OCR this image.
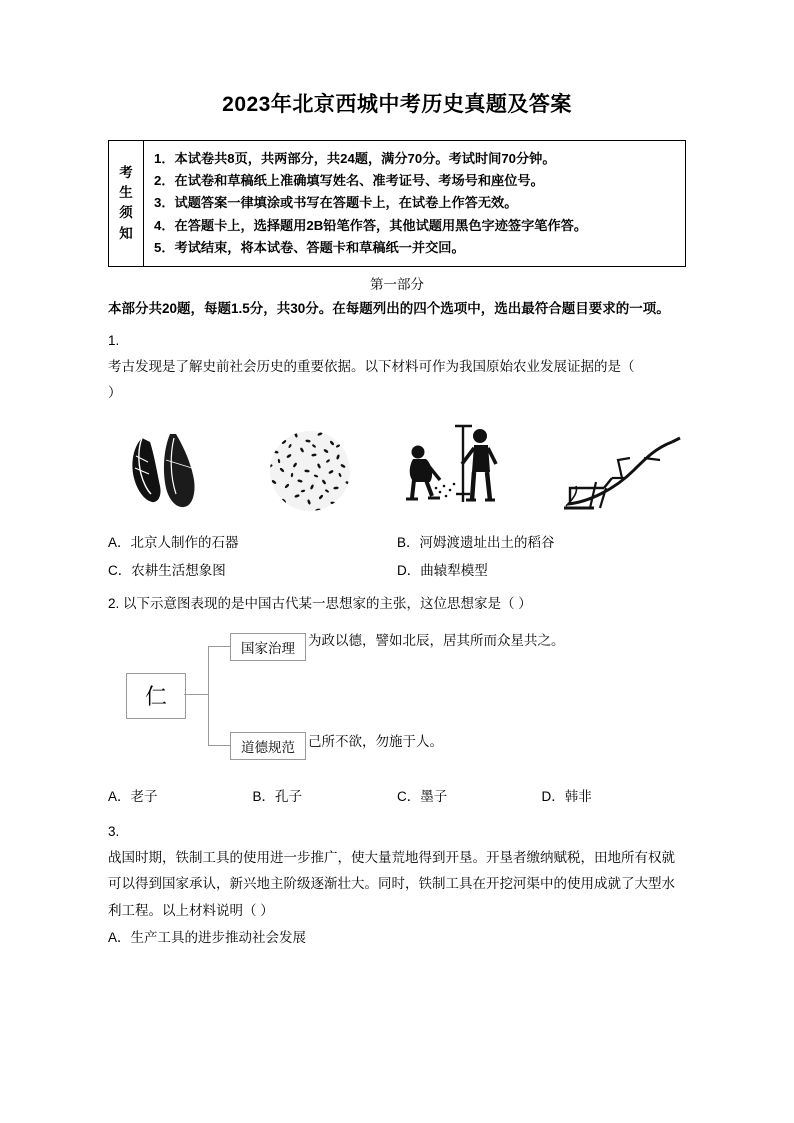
2023年北京西城中考历史真题及答案
考
生
须
知
1．本试卷共8页，共两部分，共24题，满分70分。考试时间70分钟。
2．在试卷和草稿纸上准确填写姓名、准考证号、考场号和座位号。
3．试题答案一律填涂或书写在答题卡上，在试卷上作答无效。
4．在答题卡上，选择题用2B铅笔作答，其他试题用黑色字迹签字笔作答。
5．考试结束，将本试卷、答题卡和草稿纸一并交回。
第一部分
本部分共20题，每题1.5分，共30分。在每题列出的四个选项中，选出最符合题目要求的一项。
1.
考古发现是了解史前社会历史的重要依据。以下材料可作为我国原始农业发展证据的是（
）
A．北京人制作的石器	B．河姆渡遗址出土的稻谷
C．农耕生活想象图	D．曲辕犁模型
2. 以下示意图表现的是中国古代某一思想家的主张，这位思想家是（ ）
仁
国家治理
道德规范
为政以德，譬如北辰，居其所而众星共之。
己所不欲，勿施于人。
A．老子	B．孔子	C．墨子	D．韩非
3.
战国时期，铁制工具的使用进一步推广，使大量荒地得到开垦。开垦者缴纳赋税，田地所有权就可以得到国家承认，新兴地主阶级逐渐壮大。同时，铁制工具在开挖河渠中的使用成就了大型水利工程。以上材料说明（ ）
A．生产工具的进步推动社会发展
